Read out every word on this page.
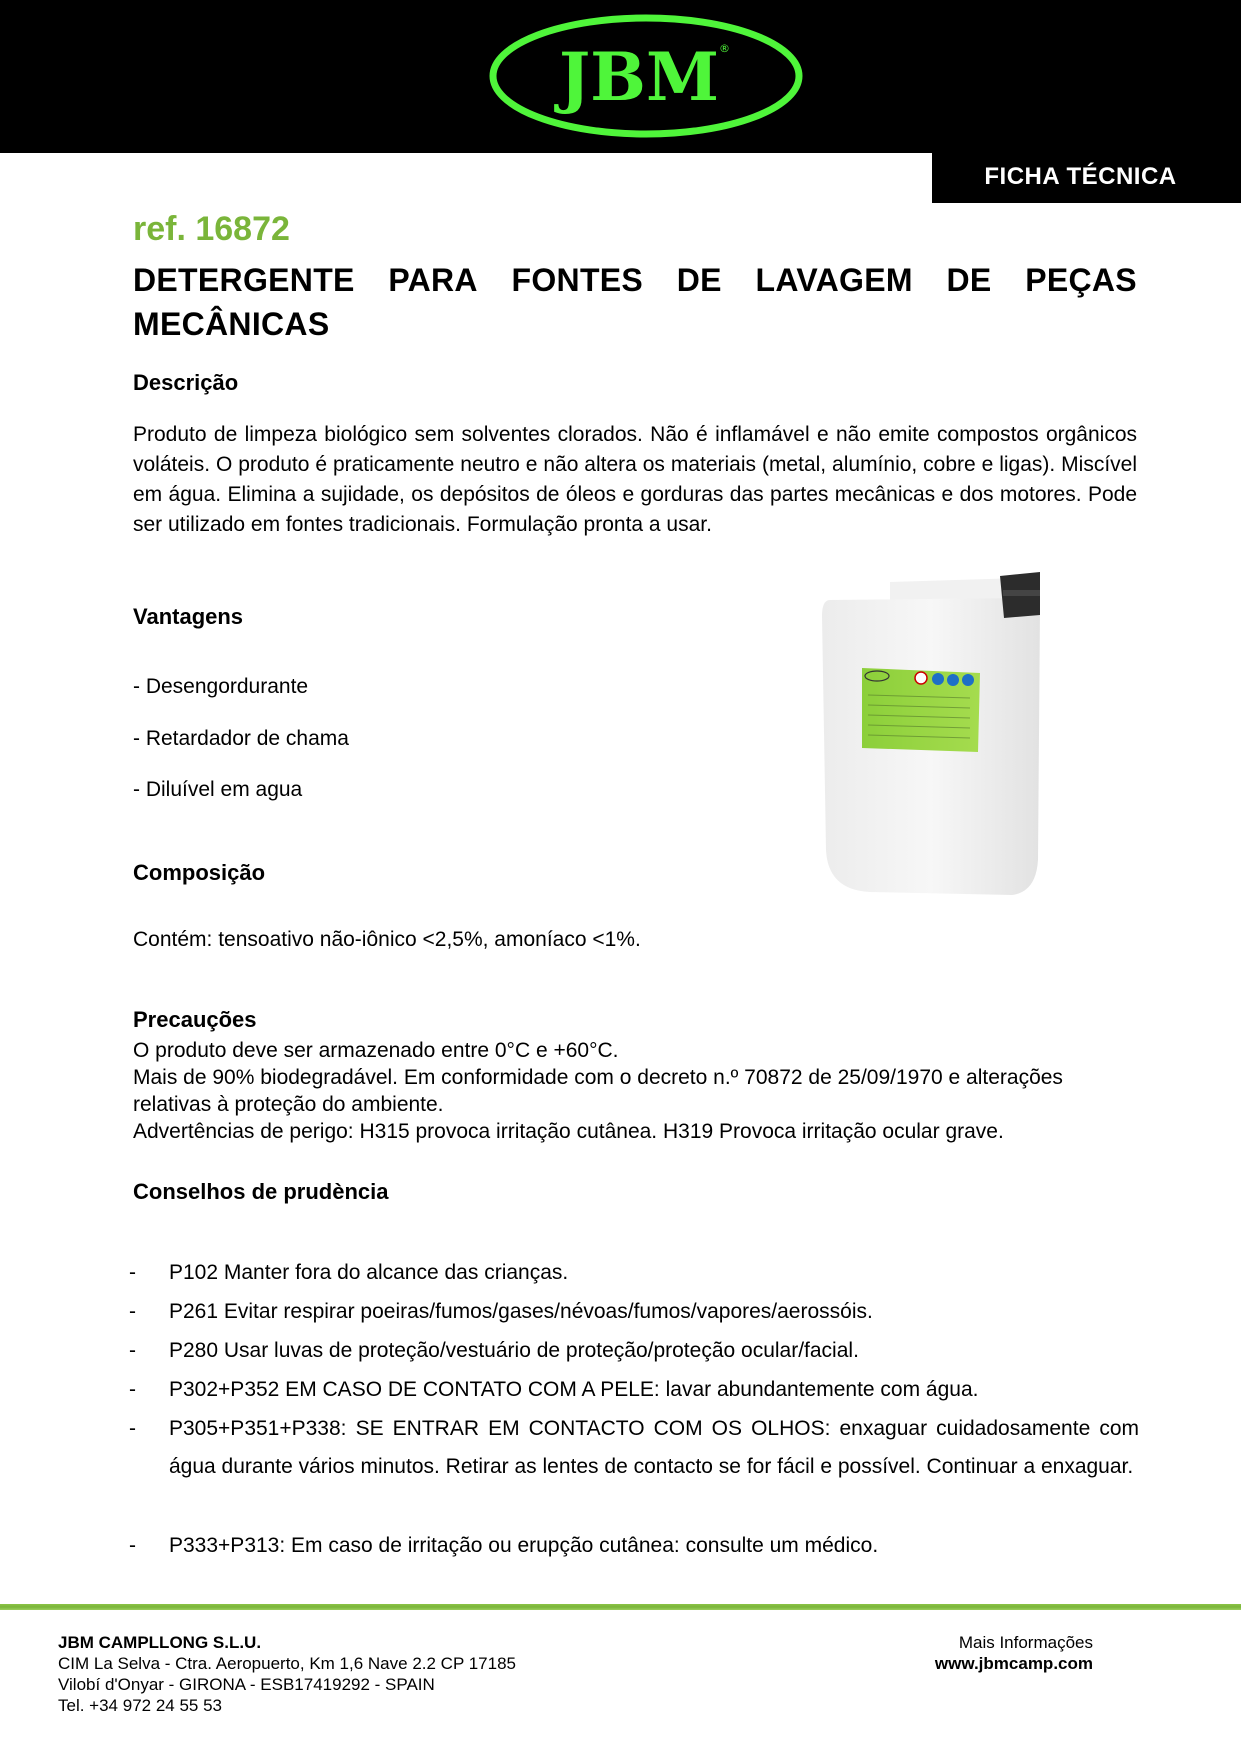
JBM ®
FICHA TÉCNICA
ref. 16872
DETERGENTE PARA FONTES DE LAVAGEM DE PEÇAS
MECÂNICAS
Descrição
Produto de limpeza biológico sem solventes clorados. Não é inflamável e não emite compostos orgânicos voláteis. O produto é praticamente neutro e não altera os materiais (metal, alumínio, cobre e ligas). Miscível em água. Elimina a sujidade, os depósitos de óleos e gorduras das partes mecânicas e dos motores. Pode ser utilizado em fontes tradicionais. Formulação pronta a usar.
Vantagens
- Desengordurante
- Retardador de chama
- Diluível em agua
Composição
Contém: tensoativo não-iônico <2,5%, amoníaco <1%.
Precauções
O produto deve ser armazenado entre 0°C e +60°C.
Mais de 90% biodegradável. Em conformidade com o decreto n.º 70872 de 25/09/1970 e alterações relativas à proteção do ambiente.
Advertências de perigo: H315 provoca irritação cutânea. H319 Provoca irritação ocular grave.
Conselhos de prudència
- P102 Manter fora do alcance das crianças.
- P261 Evitar respirar poeiras/fumos/gases/névoas/fumos/vapores/aerossóis.
- P280 Usar luvas de proteção/vestuário de proteção/proteção ocular/facial.
- P302+P352 EM CASO DE CONTATO COM A PELE: lavar abundantemente com água.
- P305+P351+P338: SE ENTRAR EM CONTACTO COM OS OLHOS: enxaguar cuidadosamente com água durante vários minutos. Retirar as lentes de contacto se for fácil e possível. Continuar a enxaguar.
- P333+P313: Em caso de irritação ou erupção cutânea: consulte um médico.
JBM CAMPLLONG S.L.U.
CIM La Selva - Ctra. Aeropuerto, Km 1,6 Nave 2.2 CP 17185
Vilobí d'Onyar - GIRONA - ESB17419292 - SPAIN
Tel. +34 972 24 55 53
Mais Informações
www.jbmcamp.com
